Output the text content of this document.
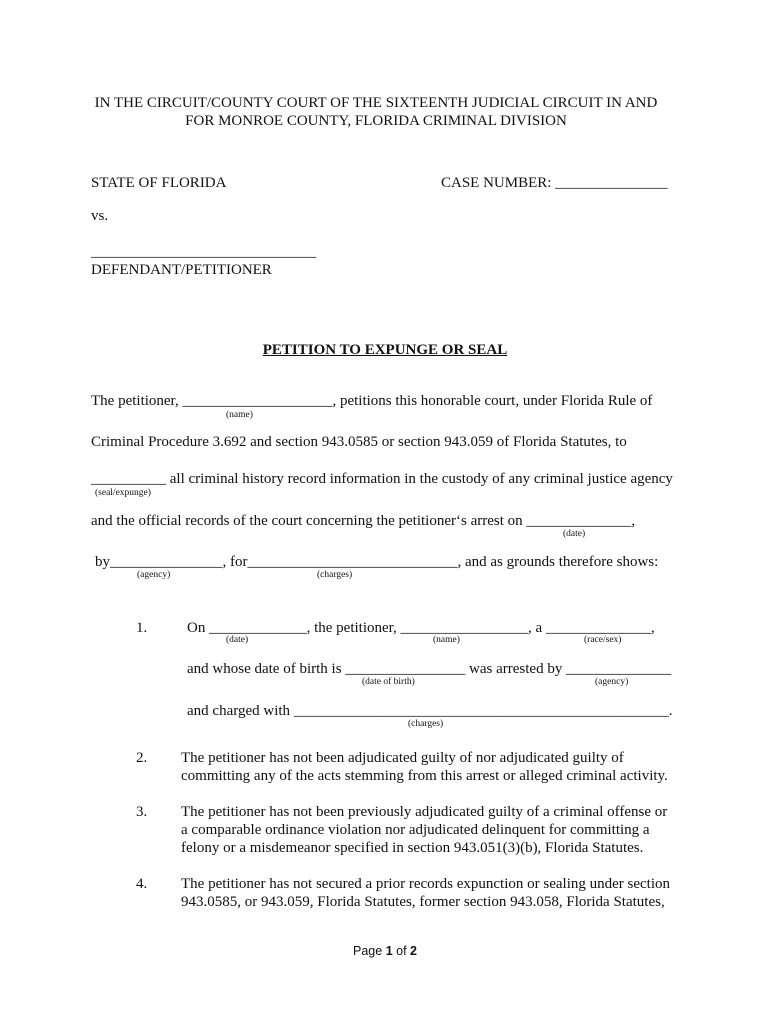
IN THE CIRCUIT/COUNTY COURT OF THE SIXTEENTH JUDICIAL CIRCUIT IN AND
FOR MONROE COUNTY, FLORIDA CRIMINAL DIVISION
STATE OF FLORIDA	CASE NUMBER: _______________
vs.
______________________________
DEFENDANT/PETITIONER
PETITION TO EXPUNGE OR SEAL
The petitioner, ____________________, petitions this honorable court, under Florida Rule of
(name)
Criminal Procedure 3.692 and section 943.0585 or section 943.059 of Florida Statutes, to
__________ all criminal history record information in the custody of any criminal justice agency
(seal/expunge)
and the official records of the court concerning the petitioner‘s arrest on ______________,
(date)
by_______________, for____________________________, and as grounds therefore shows:
(agency)	(charges)
1.	On _____________, the petitioner, _________________, a ______________,
(date)	(name)	(race/sex)
and whose date of birth is ________________ was arrested by ______________
(date of birth)	(agency)
and charged with __________________________________________________.
(charges)
2. The petitioner has not been adjudicated guilty of nor adjudicated guilty of committing any of the acts stemming from this arrest or alleged criminal activity.
3. The petitioner has not been previously adjudicated guilty of a criminal offense or a comparable ordinance violation nor adjudicated delinquent for committing a felony or a misdemeanor specified in section 943.051(3)(b), Florida Statutes.
4. The petitioner has not secured a prior records expunction or sealing under section 943.0585, or 943.059, Florida Statutes, former section 943.058, Florida Statutes,
Page 1 of 2
